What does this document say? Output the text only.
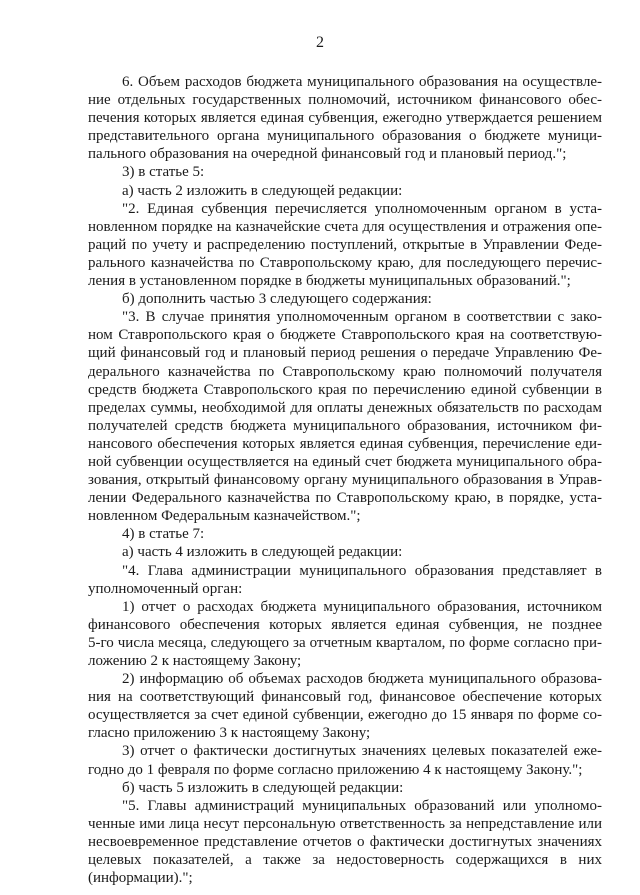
2
6. Объем расходов бюджета муниципального образования на осуществле-
ние отдельных государственных полномочий, источником финансового обес-
печения которых является единая субвенция, ежегодно утверждается решением
представительного органа муниципального образования о бюджете муници-
пального образования на очередной финансовый год и плановый период.";
3) в статье 5:
а) часть 2 изложить в следующей редакции:
"2. Единая субвенция перечисляется уполномоченным органом в уста-
новленном порядке на казначейские счета для осуществления и отражения опе-
раций по учету и распределению поступлений, открытые в Управлении Феде-
рального казначейства по Ставропольскому краю, для последующего перечис-
ления в установленном порядке в бюджеты муниципальных образований.";
б) дополнить частью 3 следующего содержания:
"3. В случае принятия уполномоченным органом в соответствии с зако-
ном Ставропольского края о бюджете Ставропольского края на соответствую-
щий финансовый год и плановый период решения о передаче Управлению Фе-
дерального казначейства по Ставропольскому краю полномочий получателя
средств бюджета Ставропольского края по перечислению единой субвенции в
пределах суммы, необходимой для оплаты денежных обязательств по расходам
получателей средств бюджета муниципального образования, источником фи-
нансового обеспечения которых является единая субвенция, перечисление еди-
ной субвенции осуществляется на единый счет бюджета муниципального обра-
зования, открытый финансовому органу муниципального образования в Управ-
лении Федерального казначейства по Ставропольскому краю, в порядке, уста-
новленном Федеральным казначейством.";
4) в статье 7:
а) часть 4 изложить в следующей редакции:
"4. Глава администрации муниципального образования представляет в
уполномоченный орган:
1) отчет о расходах бюджета муниципального образования, источником
финансового обеспечения которых является единая субвенция, не позднее
5-го числа месяца, следующего за отчетным кварталом, по форме согласно при-
ложению 2 к настоящему Закону;
2) информацию об объемах расходов бюджета муниципального образова-
ния на соответствующий финансовый год, финансовое обеспечение которых
осуществляется за счет единой субвенции, ежегодно до 15 января по форме со-
гласно приложению 3 к настоящему Закону;
3) отчет о фактически достигнутых значениях целевых показателей еже-
годно до 1 февраля по форме согласно приложению 4 к настоящему Закону.";
б) часть 5 изложить в следующей редакции:
"5. Главы администраций муниципальных образований или уполномо-
ченные ими лица несут персональную ответственность за непредставление или
несвоевременное представление отчетов о фактически достигнутых значениях
целевых показателей, а также за недостоверность содержащихся в них
(информации).";
